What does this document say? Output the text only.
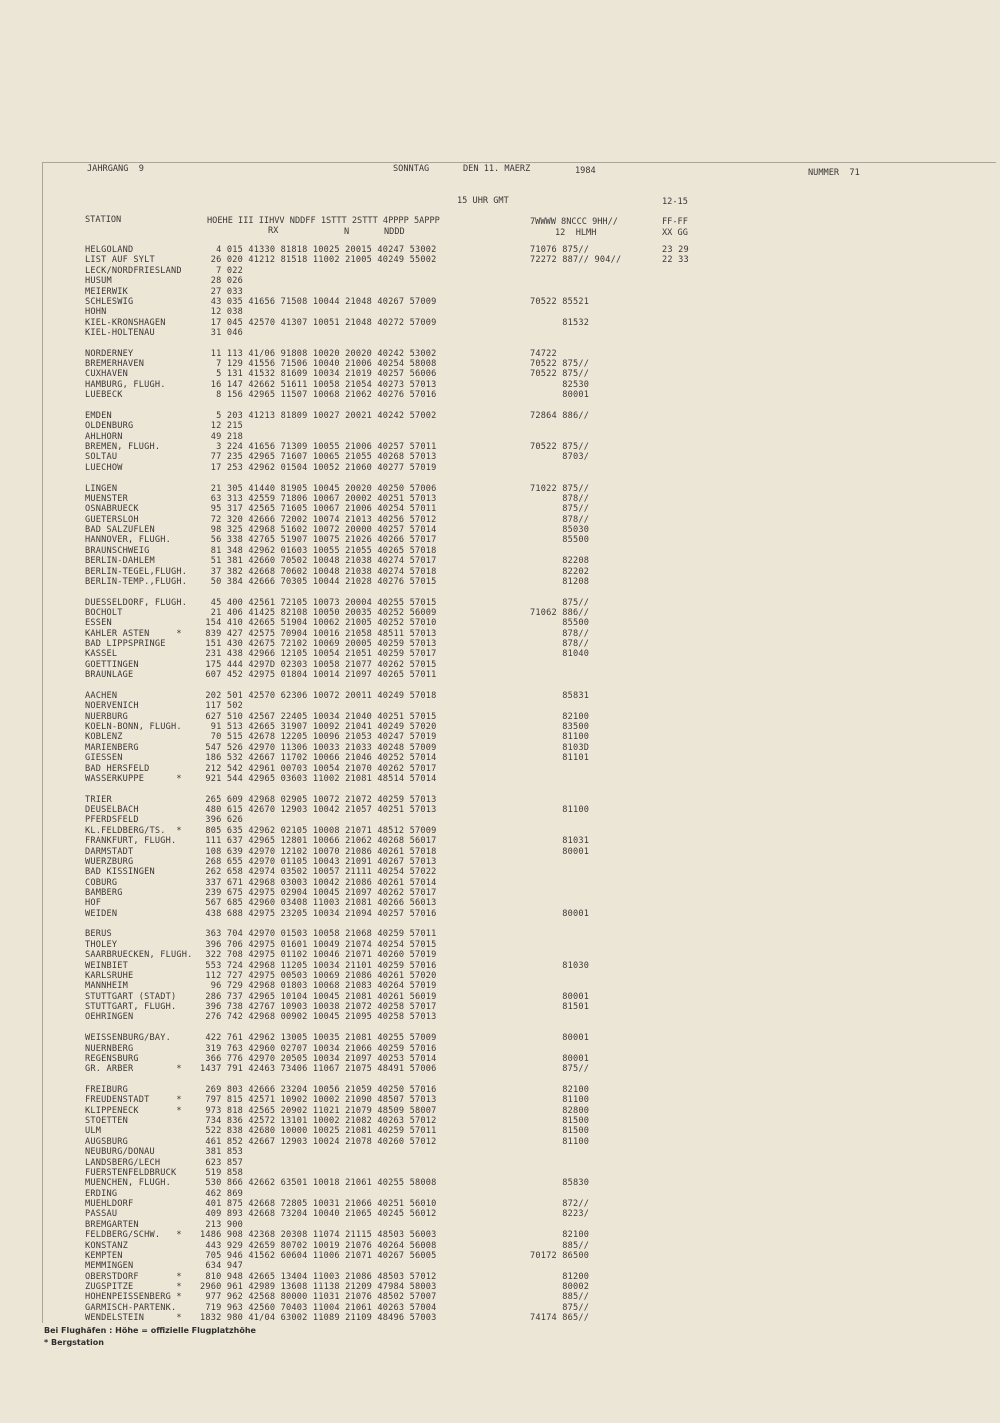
JAHRGANG  9	SONNTAG	DEN 11. MAERZ	1984	NUMMER  71
15 UHR GMT	12-15
STATION	HOEHE III IIHVV NDDFF 1STTT 2STTT 4PPPP 5APPP	7WWWW 8NCCC 9HH//	FF-FF
RX	N	NDDD	12  HLMH	XX GG
HELGOLAND	4 015 41330 81818 10025 20015 40247 53002	71076 875//	23 29
LIST AUF SYLT	26 020 41212 81518 11002 21005 40249 55002	72272 887// 904//	22 33
LECK/NORDFRIESLAND 7 022
HUSUM	28 026
MEIERWIK	27 033
SCHLESWIG	43 035 41656 71508 10044 21048 40267 57009	70522 85521
HOHN	12 038
KIEL-KRONSHAGEN	17 045 42570 41307 10051 21048 40272 57009	81532
KIEL-HOLTENAU	31 046
NORDERNEY	11 113 41/06 91808 10020 20020 40242 53002	74722
BREMERHAVEN	7 129 41556 71506 10040 21006 40254 58008	70522 875//
CUXHAVEN	5 131 41532 81609 10034 21019 40257 56006	70522 875//
HAMBURG, FLUGH.	16 147 42662 51611 10058 21054 40273 57013	82530
LUEBECK	8 156 42965 11507 10068 21062 40276 57016	80001
EMDEN	5 203 41213 81809 10027 20021 40242 57002	72864 886//
OLDENBURG	12 215
AHLHORN	49 218
BREMEN, FLUGH.	3 224 41656 71309 10055 21006 40257 57011	70522 875//
SOLTAU	77 235 42965 71607 10065 21055 40268 57013	8703/
LUECHOW	17 253 42962 01504 10052 21060 40277 57019
LINGEN	21 305 41440 81905 10045 20020 40250 57006	71022 875//
MUENSTER	63 313 42559 71806 10067 20002 40251 57013	878//
OSNABRUECK	95 317 42565 71605 10067 21006 40254 57011	875//
GUETERSLOH	72 320 42666 72002 10074 21013 40256 57012	878//
BAD SALZUFLEN	98 325 42968 51602 10072 20000 40257 57014	85030
HANNOVER, FLUGH.	56 338 42765 51907 10075 21026 40266 57017	85500
BRAUNSCHWEIG	81 348 42962 01603 10055 21055 40265 57018
BERLIN-DAHLEM	51 381 42660 70502 10048 21038 40274 57017	82208
BERLIN-TEGEL,FLUGH. 37 382 42668 70602 10048 21038 40274 57018	82202
BERLIN-TEMP.,FLUGH. 50 384 42666 70305 10044 21028 40276 57015	81208
DUESSELDORF, FLUGH. 45 400 42561 72105 10073 20004 40255 57015	875//
BOCHOLT	21 406 41425 82108 10050 20035 40252 56009	71062 886//
ESSEN	154 410 42665 51904 10062 21005 40252 57010	85500
KAHLER ASTEN     * 839 427 42575 70904 10016 21058 48511 57013	878//
BAD LIPPSPRINGE	151 430 42675 72102 10069 20005 40259 57013	878//
KASSEL	231 438 42966 12105 10054 21051 40259 57017	81040
GOETTINGEN	175 444 4297D 02303 10058 21077 40262 57015
BRAUNLAGE	607 452 42975 01804 10014 21097 40265 57011
AACHEN	202 501 42570 62306 10072 20011 40249 57018	85831
NOERVENICH	117 502
NUERBURG	627 510 42567 22405 10034 21040 40251 57015	82100
KOELN-BONN, FLUGH. 91 513 42665 31907 10092 21041 40249 57020	83500
KOBLENZ	70 515 42678 12205 10096 21053 40247 57019	81100
MARIENBERG	547 526 42970 11306 10033 21033 40248 57009	8103D
GIESSEN	186 532 42667 11702 10066 21046 40252 57014	81101
BAD HERSFELD	212 542 42961 00703 10054 21070 40262 57017
WASSERKUPPE      * 921 544 42965 03603 11002 21081 48514 57014
TRIER	265 609 42968 02905 10072 21072 40259 57013
DEUSELBACH	480 615 42670 12903 10042 21057 40251 57013	81100
PFERDSFELD	396 626
KL.FELDBERG/TS.  * 805 635 42962 02105 10008 21071 48512 57009
FRANKFURT, FLUGH.	111 637 42965 12801 10066 21062 40268 56017	81031
DARMSTADT	108 639 42970 12102 10070 21086 40261 57018	80001
WUERZBURG	268 655 42970 01105 10043 21091 40267 57013
BAD KISSINGEN	262 658 42974 03502 10057 21111 40254 57022
COBURG	337 671 42968 03003 10042 21086 40261 57014
BAMBERG	239 675 42975 02904 10045 21097 40262 57017
HOF	567 685 42960 03408 11003 21081 40266 56013
WEIDEN	438 688 42975 23205 10034 21094 40257 57016	80001
BERUS	363 704 42970 01503 10058 21068 40259 57011
THOLEY	396 706 42975 01601 10049 21074 40254 57015
SAARBRUECKEN, FLUGH. 322 708 42975 01102 10046 21071 40260 57019
WEINBIET	553 724 42968 11205 10034 21101 40259 57016	81030
KARLSRUHE	112 727 42975 00503 10069 21086 40261 57020
MANNHEIM	96 729 42968 01803 10068 21083 40264 57019
STUTTGART (STADT)	286 737 42965 10104 10045 21081 40261 56019	80001
STUTTGART, FLUGH.	396 738 42767 10903 10038 21072 40258 57017	81501
OEHRINGEN	276 742 42968 00902 10045 21095 40258 57013
WEISSENBURG/BAY.	422 761 42962 13005 10035 21081 40255 57009	80001
NUERNBERG	319 763 42960 02707 10034 21066 40259 57016
REGENSBURG	366 776 42970 20505 10034 21097 40253 57014	80001
GR. ARBER        * 1437 791 42463 73406 11067 21075 48491 57006	875//
FREIBURG	269 803 42666 23204 10056 21059 40250 57016	82100
FREUDENSTADT     * 797 815 42571 10902 10002 21090 48507 57013	81100
KLIPPENECK       * 973 818 42565 20902 11021 21079 48509 58007	82800
STOETTEN	734 836 42572 13101 10002 21082 40263 57012	81500
ULM	522 838 42680 10000 10025 21081 40259 57011	81500
AUGSBURG	461 852 42667 12903 10024 21078 40260 57012	81100
NEUBURG/DONAU	381 853
LANDSBERG/LECH	623 857
FUERSTENFELDBRUCK	519 858
MUENCHEN, FLUGH.	530 866 42662 63501 10018 21061 40255 58008	85830
ERDING	462 869
MUEHLDORF	401 875 42668 72805 10031 21066 40251 56010	872//
PASSAU	409 893 42668 73204 10040 21065 40245 56012	8223/
BREMGARTEN	213 900
FELDBERG/SCHW.   * 1486 908 42368 20308 11074 21115 48503 56003	82100
KONSTANZ	443 929 42659 80702 10019 21076 40264 56008	885//
KEMPTEN	705 946 41562 60604 11006 21071 40267 56005	70172 86500
MEMMINGEN	634 947
OBERSTDORF       * 810 948 42665 13404 11003 21086 48503 57012	81200
ZUGSPITZE        * 2960 961 42989 13608 11138 21209 47984 58003	80002
HOHENPEISSENBERG * 977 962 42568 80000 11031 21076 48502 57007	885//
GARMISCH-PARTENK.	719 963 42560 70403 11004 21061 40263 57004	875//
WENDELSTEIN      * 1832 980 41/04 63002 11089 21109 48496 57003	74174 865//
Bei Flughäfen : Höhe = offizielle Flugplatzhöhe
* Bergstation
